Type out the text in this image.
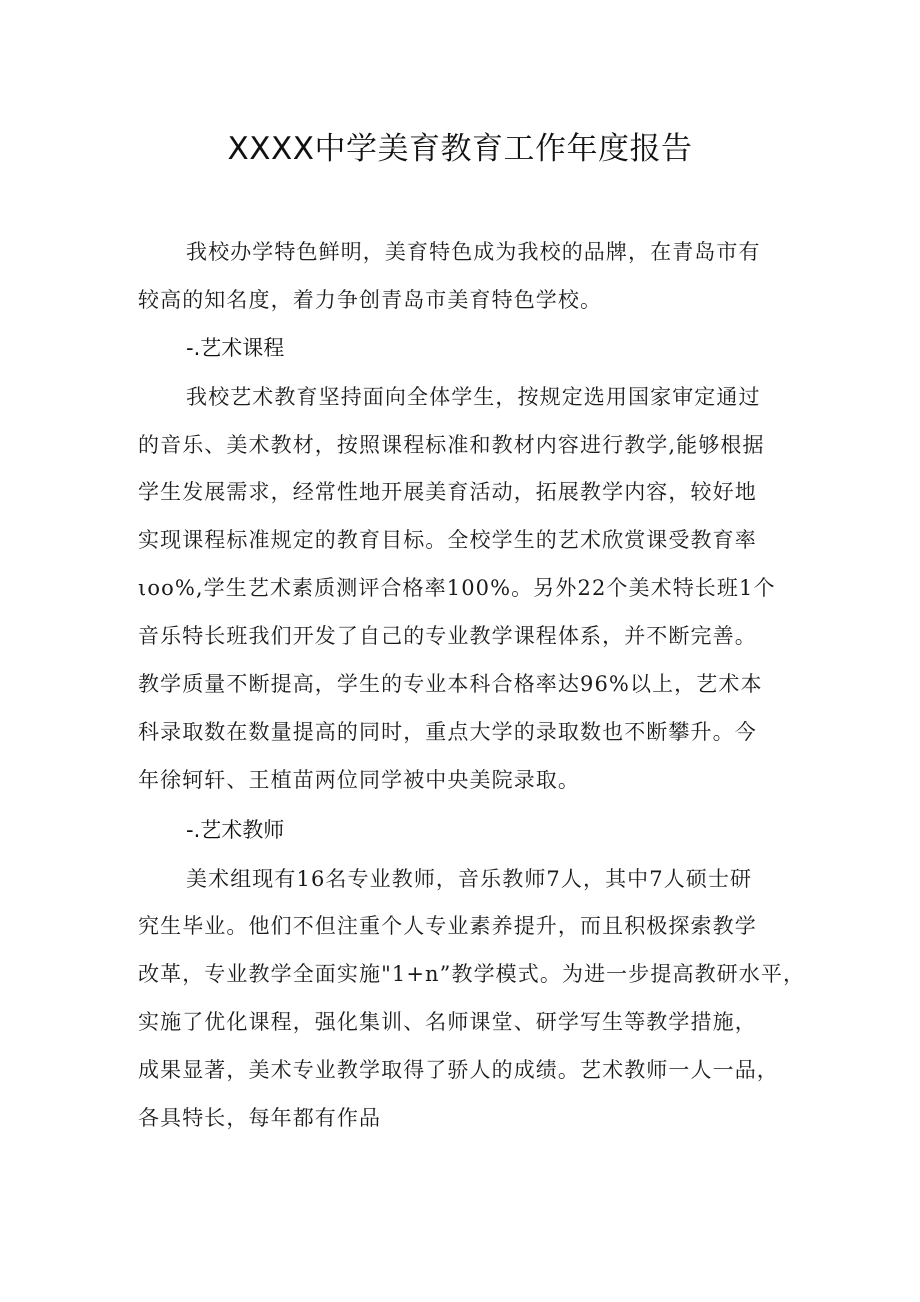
XXXX中学美育教育工作年度报告
我校办学特色鲜明，美育特色成为我校的品牌，在青岛市有
较高的知名度，着力争创青岛市美育特色学校。
-.艺术课程
我校艺术教育坚持面向全体学生，按规定选用国家审定通过
的音乐、美术教材，按照课程标准和教材内容进行教学,能够根据
学生发展需求，经常性地开展美育活动，拓展教学内容，较好地
实现课程标准规定的教育目标。全校学生的艺术欣赏课受教育率
ιoo%,学生艺术素质测评合格率100%。另外22个美术特长班1个
音乐特长班我们开发了自己的专业教学课程体系，并不断完善。
教学质量不断提高，学生的专业本科合格率达96%以上，艺术本
科录取数在数量提高的同时，重点大学的录取数也不断攀升。今
年徐轲轩、王植苗两位同学被中央美院录取。
-.艺术教师
美术组现有16名专业教师，音乐教师7人，其中7人硕士研
究生毕业。他们不但注重个人专业素养提升，而且积极探索教学
改革，专业教学全面实施"1+n”教学模式。为进一步提高教研水平，
实施了优化课程，强化集训、名师课堂、研学写生等教学措施，
成果显著，美术专业教学取得了骄人的成绩。艺术教师一人一品，
各具特长，每年都有作品
